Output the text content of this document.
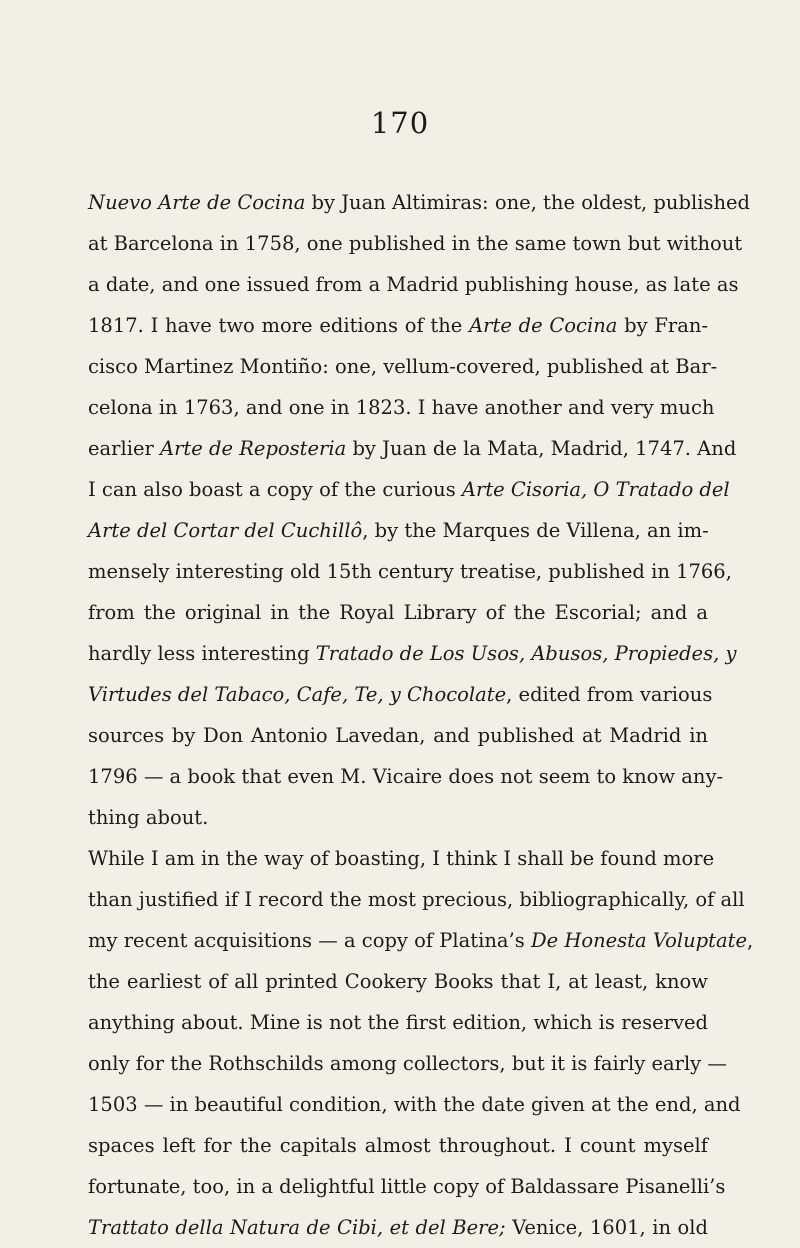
170
Nuevo Arte de Cocina by Juan Altimiras: one, the oldest, published
at Barcelona in 1758, one published in the same town but without
a date, and one issued from a Madrid publishing house, as late as
1817. I have two more editions of the Arte de Cocina by Fran-
cisco Martinez Montiño: one, vellum-covered, published at Bar-
celona in 1763, and one in 1823. I have another and very much
earlier Arte de Reposteria by Juan de la Mata, Madrid, 1747. And
I can also boast a copy of the curious Arte Cisoria, O Tratado del
Arte del Cortar del Cuchillô, by the Marques de Villena, an im-
mensely interesting old 15th century treatise, published in 1766,
from the original in the Royal Library of the Escorial; and a
hardly less interesting Tratado de Los Usos, Abusos, Propiedes, y
Virtudes del Tabaco, Cafe, Te, y Chocolate, edited from various
sources by Don Antonio Lavedan, and published at Madrid in
1796 — a book that even M. Vicaire does not seem to know any-
thing about.
While I am in the way of boasting, I think I shall be found more
than justified if I record the most precious, bibliographically, of all
my recent acquisitions — a copy of Platina’s De Honesta Voluptate,
the earliest of all printed Cookery Books that I, at least, know
anything about. Mine is not the first edition, which is reserved
only for the Rothschilds among collectors, but it is fairly early —
1503 — in beautiful condition, with the date given at the end, and
spaces left for the capitals almost throughout. I count myself
fortunate, too, in a delightful little copy of Baldassare Pisanelli’s
Trattato della Natura de Cibi, et del Bere; Venice, 1601, in old
